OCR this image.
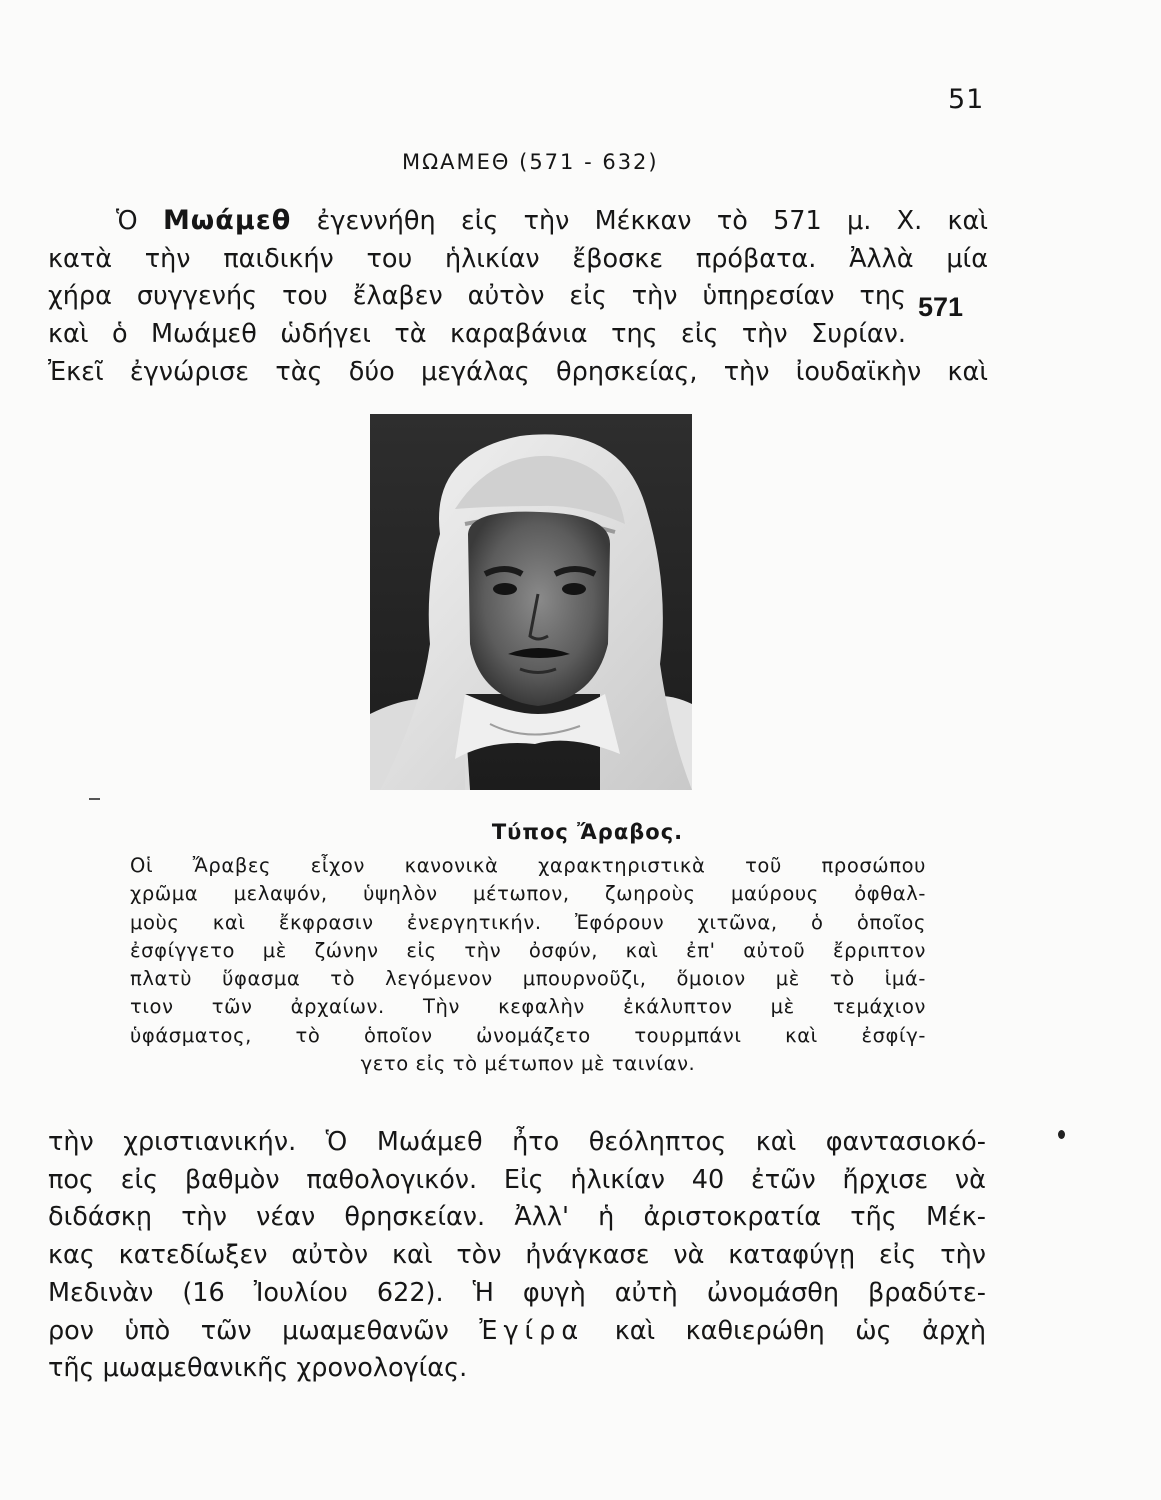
51
ΜΩΑΜΕΘ (571 - 632)
Ὁ Μωάμεθ ἐγεννήθη εἰς τὴν Μέκκαν τὸ 571 μ. Χ. καὶ
κατὰ τὴν παιδικήν του ἡλικίαν ἔβοσκε πρόβατα. Ἀλλὰ μία
χήρα συγγενής του ἔλαβεν αὐτὸν εἰς τὴν ὑπηρεσίαν της
καὶ ὁ Μωάμεθ ὡδήγει τὰ καραβάνια της εἰς τὴν Συρίαν.
Ἐκεῖ ἐγνώρισε τὰς δύο μεγάλας θρησκείας, τὴν ἰουδαϊκὴν καὶ
571
Τύπος Ἄραβος.
Οἱ Ἄραβες εἶχον κανονικὰ χαρακτηριστικὰ τοῦ προσώπου
χρῶμα μελαψόν, ὑψηλὸν μέτωπον, ζωηροὺς μαύρους ὀφθαλ-
μοὺς καὶ ἔκφρασιν ἐνεργητικήν. Ἐφόρουν χιτῶνα, ὁ ὁποῖος
ἐσφίγγετο μὲ ζώνην εἰς τὴν ὀσφύν, καὶ ἐπ' αὐτοῦ ἔρριπτον
πλατὺ ὕφασμα τὸ λεγόμενον μπουρνοῦζι, ὅμοιον μὲ τὸ ἱμά-
τιον τῶν ἀρχαίων. Τὴν κεφαλὴν ἐκάλυπτον μὲ τεμάχιον
ὑφάσματος, τὸ ὁποῖον ὠνομάζετο τουρμπάνι καὶ ἐσφίγ-
γετο εἰς τὸ μέτωπον μὲ ταινίαν.
τὴν χριστιανικήν. Ὁ Μωάμεθ ἦτο θεόληπτος καὶ φαντασιοκό-
πος εἰς βαθμὸν παθολογικόν. Εἰς ἡλικίαν 40 ἐτῶν ἤρχισε νὰ
διδάσκῃ τὴν νέαν θρησκείαν. Ἀλλ' ἡ ἀριστοκρατία τῆς Μέκ-
κας κατεδίωξεν αὐτὸν καὶ τὸν ἠνάγκασε νὰ καταφύγῃ εἰς τὴν
Μεδινὰν (16 Ἰουλίου 622). Ἡ φυγὴ αὐτὴ ὠνομάσθη βραδύτε-
ρον ὑπὸ τῶν μωαμεθανῶν Ἐγίρα καὶ καθιερώθη ὡς ἀρχὴ
τῆς μωαμεθανικῆς χρονολογίας.
